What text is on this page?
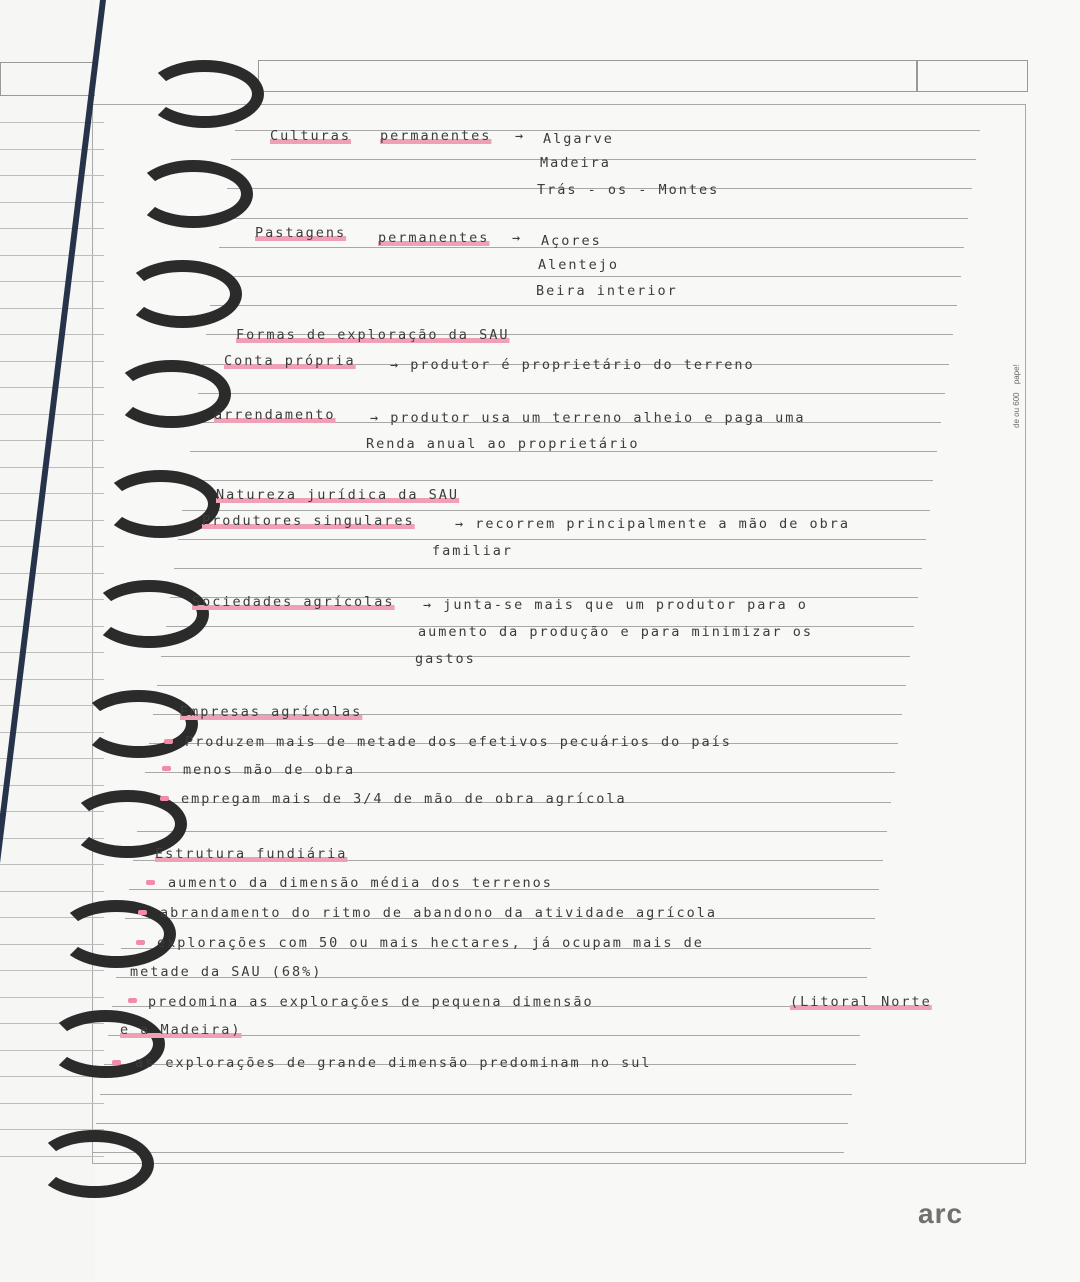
Culturas permanentes → Algarve
Madeira
Trás - os - Montes
Pastagens permanentes → Açores
Alentejo
Beira interior
Formas de exploração da SAU
Conta própria	→ produtor é proprietário do terreno
arrendamento	→ produtor usa um terreno alheio e paga uma
Renda anual ao proprietário
Natureza jurídica da SAU
Produtores singulares	→ recorrem principalmente a mão de obra
familiar
Sociedades agrícolas → junta-se mais que um produtor para o
aumento da produção e para minimizar os
gastos
Empresas agrícolas
Produzem mais de metade dos efetivos pecuários do país
menos mão de obra
empregam mais de 3/4 de mão de obra agrícola
Estrutura fundiária
aumento da dimensão média dos terrenos
abrandamento do ritmo de abandono da atividade agrícola
explorações com 50 ou mais hectares, já ocupam mais de
metade da SAU (68%)
predomina as explorações de pequena dimensão	(Litoral Norte
e a Madeira)
as explorações de grande dimensão predominam no sul
de ou 600 pape!
arc
